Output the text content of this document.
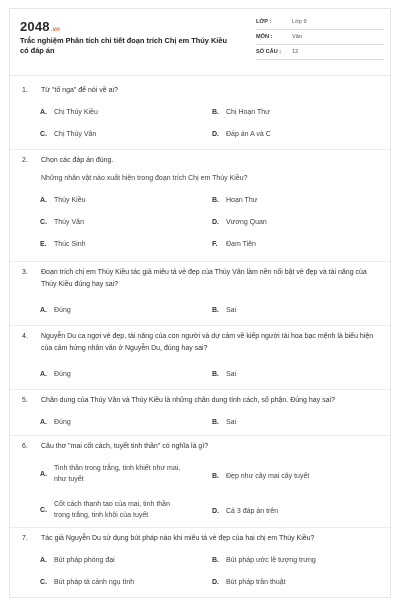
2048.vn
Trắc nghiệm Phân tích chi tiết đoạn trích Chị em Thúy Kiều có đáp án
LỚP :	Lớp 9
MÔN :	Văn
SỐ CÂU :	12
1.	Từ "tố nga" để nói về ai?
A.	Chị Thúy Kiều	B.	Chị Hoạn Thư
C.	Chị Thúy Vân	D.	Đáp án A và C
2.	Chọn các đáp án đúng.
Những nhân vật nào xuất hiện trong đoạn trích Chị em Thúy Kiều?
A.	Thúy Kiều	B.	Hoạn Thư
C.	Thúy Vân	D.	Vương Quan
E.	Thúc Sinh	F.	Đạm Tiên
3.	Đoạn trích chị em Thúy Kiều tác giả miêu tả vẻ đẹp của Thúy Vân làm nền nổi bật vẻ đẹp và tài năng của Thúy Kiều đúng hay sai?
A.	Đúng	B.	Sai
4.	Nguyễn Du ca ngợi vẻ đẹp, tài năng của con người và dự cảm về kiếp người tài hoa bạc mệnh là biểu hiện của cảm hứng nhân văn ở Nguyễn Du, đúng hay sai?
A.	Đúng	B.	Sai
5.	Chân dung của Thúy Vân và Thúy Kiều là những chân dung tính cách, số phận. Đúng hay sai?
A.	Đúng	B.	Sai
6.	Câu thơ "mai cốt cách, tuyết tinh thần" có nghĩa là gì?
A.
Tinh thần trong trắng, tinh khiết như mai,
như tuyết	B.	Đẹp như cây mai cây tuyết
C.
Cốt cách thanh tao của mai, tinh thần
trong trắng, tinh khôi của tuyết
D.	Cả 3 đáp án trên
7.	Tác giả Nguyễn Du sử dụng bút pháp nào khi miêu tả vẻ đẹp của hai chị em Thúy Kiều?
A.	Bút pháp phóng đại	B.	Bút pháp ước lệ tượng trưng
C.	Bút pháp tả cảnh ngụ tình	D.	Bút pháp trần thuật
